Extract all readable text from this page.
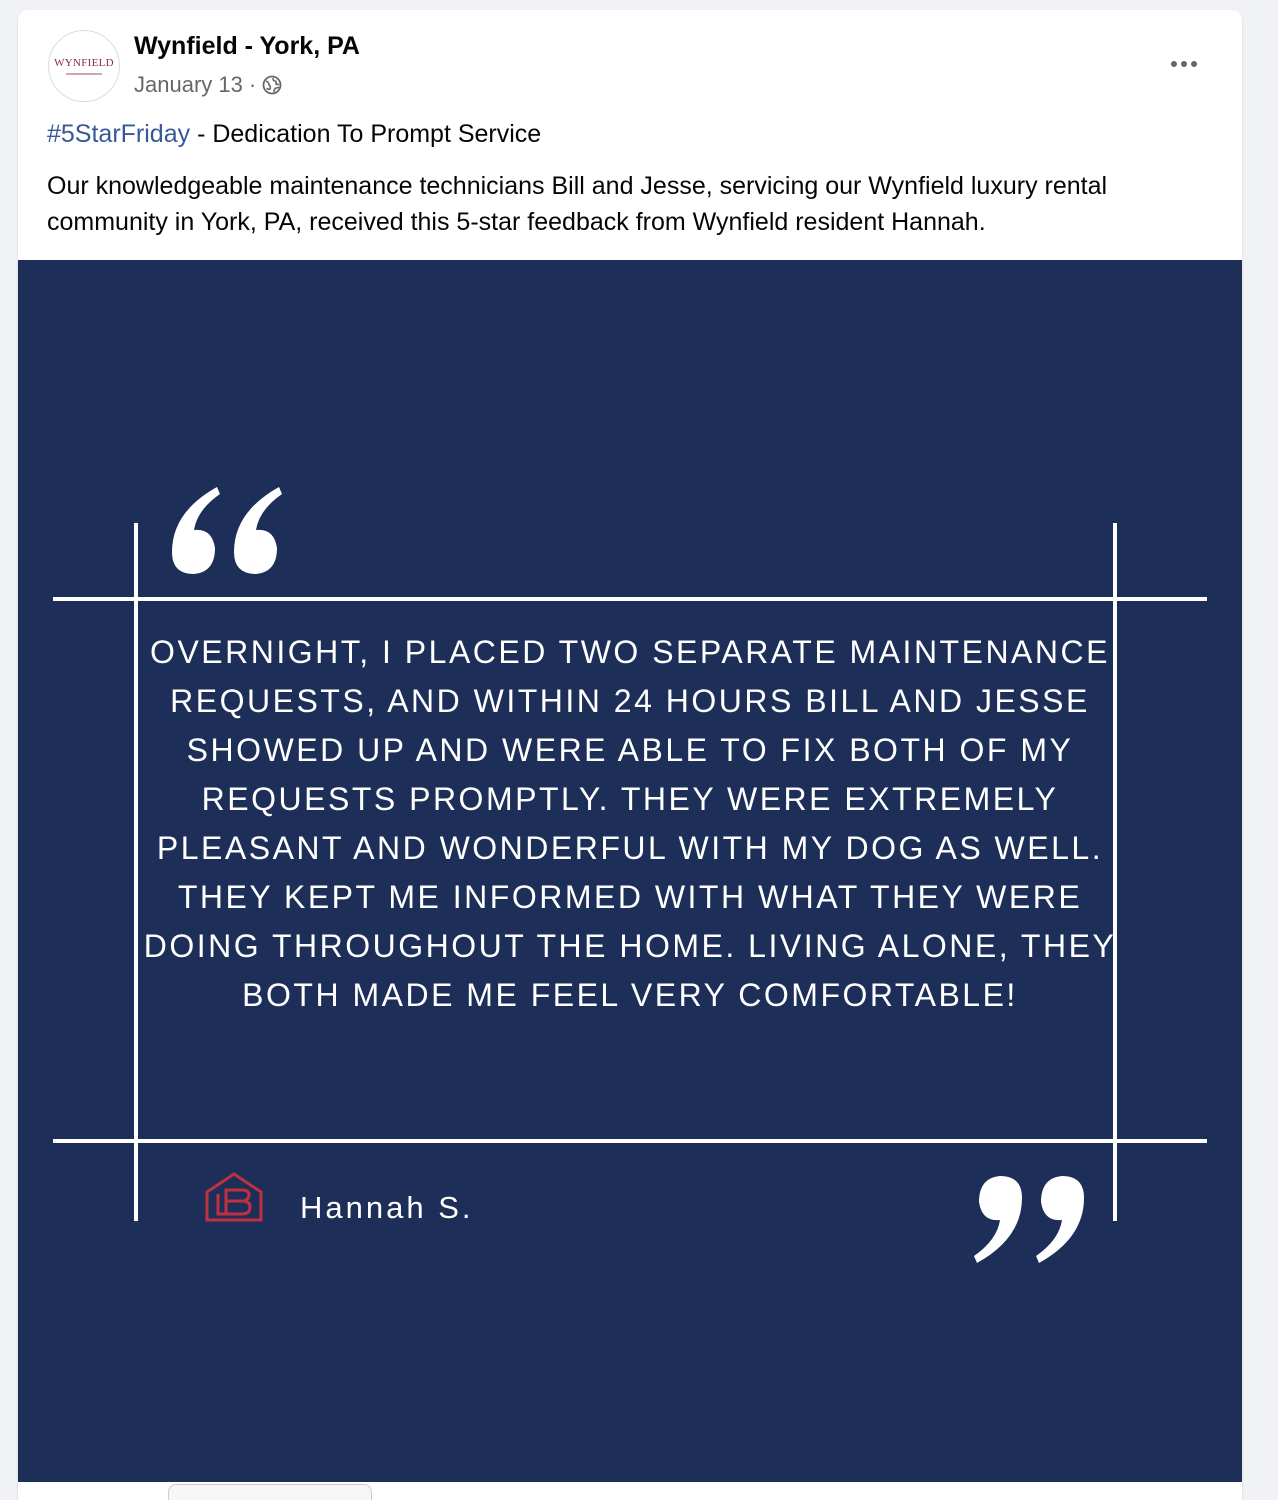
WYNFIELD
Wynfield - York, PA
January 13 ·
#5StarFriday - Dedication To Prompt Service
Our knowledgeable maintenance technicians Bill and Jesse, servicing our Wynfield luxury rental community in York, PA, received this 5-star feedback from Wynfield resident Hannah.
OVERNIGHT, I PLACED TWO SEPARATE MAINTENANCE REQUESTS, AND WITHIN 24 HOURS BILL AND JESSE SHOWED UP AND WERE ABLE TO FIX BOTH OF MY REQUESTS PROMPTLY. THEY WERE EXTREMELY PLEASANT AND WONDERFUL WITH MY DOG AS WELL. THEY KEPT ME INFORMED WITH WHAT THEY WERE DOING THROUGHOUT THE HOME. LIVING ALONE, THEY BOTH MADE ME FEEL VERY COMFORTABLE!
Hannah S.
